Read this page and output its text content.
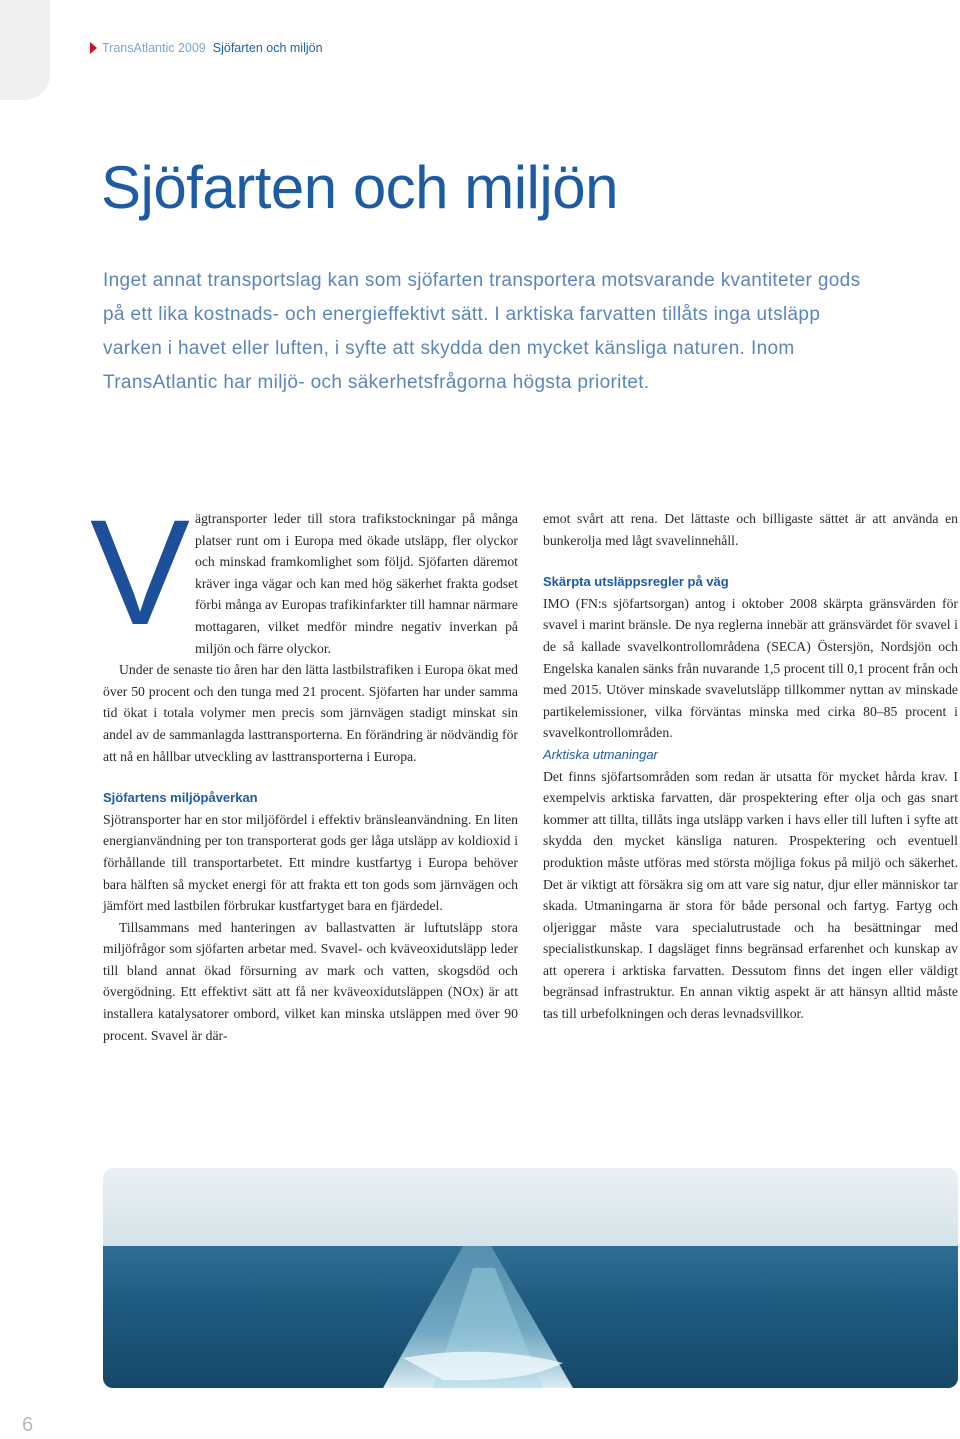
TransAtlantic 2009 Sjöfarten och miljön
Sjöfarten och miljön

Inget annat transportslag kan som sjöfarten transportera motsvarande kvantiteter gods på ett lika kostnads- och energieffektivt sätt. I arktiska farvatten tillåts inga utsläpp varken i havet eller luften, i syfte att skydda den mycket känsliga naturen. Inom TransAtlantic har miljö- och säkerhetsfrågorna högsta prioritet.

V ägtransporter leder till stora trafikstockningar på många platser runt om i Europa med ökade utsläpp, fler olyckor och minskad framkomlighet som följd. Sjöfarten däremot kräver inga vägar och kan med hög säkerhet frakta godset förbi många av Europas trafikinfarkter till hamnar närmare mottagaren, vilket medför mindre negativ inverkan på miljön och färre olyckor.

Under de senaste tio åren har den lätta lastbilstrafiken i Europa ökat med över 50 procent och den tunga med 21 procent. Sjöfarten har under samma tid ökat i totala volymer men precis som järnvägen stadigt minskat sin andel av de sammanlagda lasttransporterna. En förändring är nödvändig för att nå en hållbar utveckling av lasttransporterna i Europa.

Sjöfartens miljöpåverkan

Sjötransporter har en stor miljöfördel i effektiv bränsleanvändning. En liten energianvändning per ton transporterat gods ger låga utsläpp av koldioxid i förhållande till transportarbetet. Ett mindre kustfartyg i Europa behöver bara hälften så mycket energi för att frakta ett ton gods som järnvägen och jämfört med lastbilen förbrukar kustfartyget bara en fjärdedel.

Tillsammans med hanteringen av ballastvatten är luftutsläpp stora miljöfrågor som sjöfarten arbetar med. Svavel- och kväveoxidutsläpp leder till bland annat ökad försurning av mark och vatten, skogsdöd och övergödning. Ett effektivt sätt att få ner kväveoxidutsläppen (NOx) är att installera katalysatorer ombord, vilket kan minska utsläppen med över 90 procent. Svavel är där-

emot svårt att rena. Det lättaste och billigaste sättet är att använda en bunkerolja med lågt svavelinnehåll.

Skärpta utsläppsregler på väg

IMO (FN:s sjöfartsorgan) antog i oktober 2008 skärpta gränsvärden för svavel i marint bränsle. De nya reglerna innebär att gränsvärdet för svavel i de så kallade svavelkontrollområdena (SECA) Östersjön, Nordsjön och Engelska kanalen sänks från nuvarande 1,5 procent till 0,1 procent från och med 2015. Utöver minskade svavelutsläpp tillkommer nyttan av minskade partikelemissioner, vilka förväntas minska med cirka 80–85 procent i svavelkontrollområden.

Arktiska utmaningar

Det finns sjöfartsområden som redan är utsatta för mycket hårda krav. I exempelvis arktiska farvatten, där prospektering efter olja och gas snart kommer att tillta, tillåts inga utsläpp varken i havs eller till luften i syfte att skydda den mycket känsliga naturen. Prospektering och eventuell produktion måste utföras med största möjliga fokus på miljö och säkerhet. Det är viktigt att försäkra sig om att vare sig natur, djur eller människor tar skada. Utmaningarna är stora för både personal och fartyg. Fartyg och oljeriggar måste vara specialutrustade och ha besättningar med specialistkunskap. I dagsläget finns begränsad erfarenhet och kunskap av att operera i arktiska farvatten. Dessutom finns det ingen eller väldigt begränsad infrastruktur. En annan viktig aspekt är att hänsyn alltid måste tas till urbefolkningen och deras levnadsvillkor.

6
